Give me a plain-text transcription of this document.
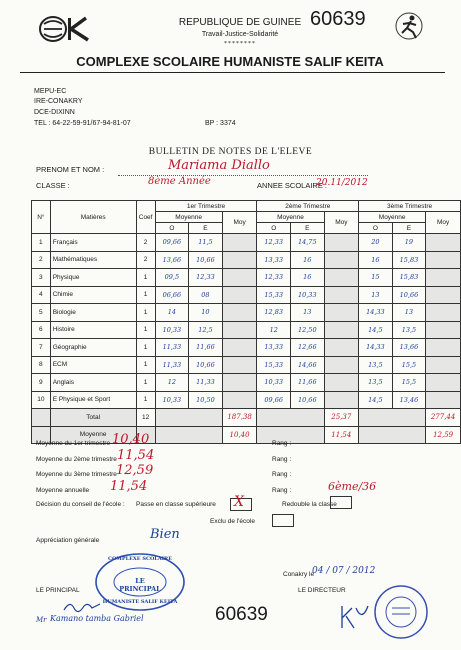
REPUBLIQUE DE GUINEE
Travail-Justice-Solidarité
********
60639
COMPLEXE SCOLAIRE HUMANISTE SALIF KEITA
MEPU-EC
IRE-CONAKRY
DCE-DIXINN
TEL : 64-22-59-91/67-94-81-07	BP : 3374
BULLETIN DE NOTES DE L'ELEVE
PRENOM ET NOM :	Mariama Diallo
CLASSE :	8ème Année	ANNEE SCOLAIRE :
20.11/2012
N°	Matières	Coef	1er Trimestre			2ème Trimestre			3ème Trimestre		
			Moyenne		Moy	Moyenne		Moy	Moyenne		Moy
			O	E		O	E		O	E	
1	Français	2	09,66	11,5		12,33	14,75		20	19	
2	Mathématiques	2	13,66	10,66		13,33	16		16	15,83	
3	Physique	1	09,5	12,33		12,33	16		15	15,83	
4	Chimie	1	06,66	08		15,33	10,33		13	10,66	
5	Biologie	1	14	10		12,83	13		14,33	13	
6	Histoire	1	10,33	12,5		12	12,50		14,5	13,5	
7	Géographie	1	11,33	11,66		13,33	12,66		14,33	13,66	
8	ECM	1	11,33	10,66		15,33	14,66		13,5	15,5	
9	Anglais	1	12	11,33		10,33	11,66		13,5	15,5	
10	E Physique et Sport	1	10,33	10,50		09,66	10,66		14,5	13,46	
	Total	12			187,38			25,37			277,44
	Moyenne				10,40			11,54			12,59
Moyenne du 1er trimestre 10,40	Rang :
Moyenne du 2ème trimestre 11,54	Rang :
Moyenne du 3ème trimestre 12,59	Rang :
Moyenne annuelle 11,54	Rang :	6ème/36
Décision du conseil de l'école : Passe en classe supérieure X	Redouble la classe
Exclu de l'école
Appréciation générale	Bien
Conakry le
04 / 07 / 2012
LE PRINCIPAL	LE DIRECTEUR
COMPLEXE SCOLAIRE
LE PRINCIPAL
HUMANISTE SALIF KEITA
Mr Kamano tamba Gabriel	60639
